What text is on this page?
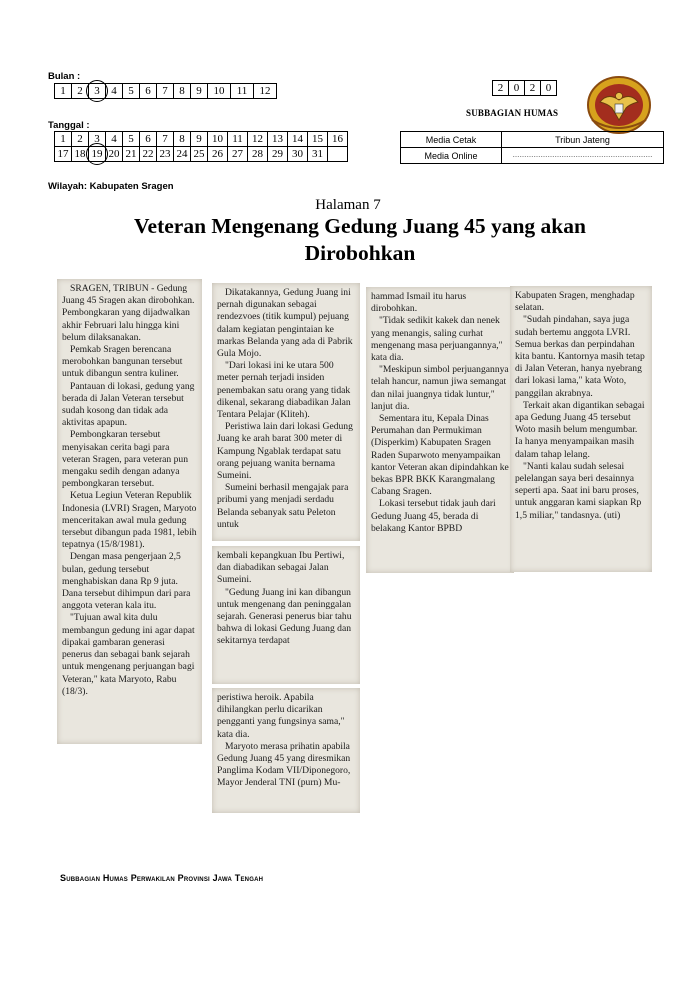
Bulan :
1	2	3	4	5	6	7	8	9	10	11	12	2	0	2	0
SUBBAGIAN HUMAS
Tanggal :
1	2	3	4	5	6	7	8	9	10	11	12	13	14	15	16
17	18	19	20	21	22	23	24	25	26	27	28	29	30	31	
Media Cetak	Tribun Jateng
Media Online	……………………………………………………
Wilayah: Kabupaten Sragen
Halaman 7
Veteran Mengenang Gedung Juang 45 yang akan Dirobohkan

SRAGEN, TRIBUN - Gedung Juang 45 Sragen akan dirobohkan. Pembongkaran yang dijadwalkan akhir Februari lalu hingga kini belum dilaksanakan.

Pemkab Sragen berencana merobohkan bangunan tersebut untuk dibangun sentra kuliner.

Pantauan di lokasi, gedung yang berada di Jalan Veteran tersebut sudah kosong dan tidak ada aktivitas apapun.

Pembongkaran tersebut menyisakan cerita bagi para veteran Sragen, para veteran pun mengaku sedih dengan adanya pembongkaran tersebut.

Ketua Legiun Veteran Republik Indonesia (LVRI) Sragen, Maryoto menceritakan awal mula gedung tersebut dibangun pada 1981, lebih tepatnya (15/8/1981).

Dengan masa pengerjaan 2,5 bulan, gedung tersebut menghabiskan dana Rp 9 juta. Dana tersebut dihimpun dari para anggota veteran kala itu.

"Tujuan awal kita dulu membangun gedung ini agar dapat dipakai gambaran generasi penerus dan sebagai bank sejarah untuk mengenang perjuangan bagi Veteran," kata Maryoto, Rabu (18/3).

Dikatakannya, Gedung Juang ini pernah digunakan sebagai rendezvoes (titik kumpul) pejuang dalam kegiatan pengintaian ke markas Belanda yang ada di Pabrik Gula Mojo.

"Dari lokasi ini ke utara 500 meter pernah terjadi insiden penembakan satu orang yang tidak dikenal, sekarang diabadikan Jalan Tentara Pelajar (Kliteh).

Peristiwa lain dari lokasi Gedung Juang ke arah barat 300 meter di Kampung Ngablak terdapat satu orang pejuang wanita bernama Sumeini.

Sumeini berhasil mengajak para pribumi yang menjadi serdadu Belanda sebanyak satu Peleton untuk

kembali kepangkuan Ibu Pertiwi, dan diabadikan sebagai Jalan Sumeini.

"Gedung Juang ini kan dibangun untuk mengenang dan peninggalan sejarah. Generasi penerus biar tahu bahwa di lokasi Gedung Juang dan sekitarnya terdapat

peristiwa heroik. Apabila dihilangkan perlu dicarikan pengganti yang fungsinya sama," kata dia.

Maryoto merasa prihatin apabila Gedung Juang 45 yang diresmikan Panglima Kodam VII/Diponegoro, Mayor Jenderal TNI (purn) Mu-

hammad Ismail itu harus dirobohkan.

"Tidak sedikit kakek dan nenek yang menangis, saling curhat mengenang masa perjuangannya," kata dia.

"Meskipun simbol perjuangannya telah hancur, namun jiwa semangat dan nilai juangnya tidak luntur," lanjut dia.

Sementara itu, Kepala Dinas Perumahan dan Permukiman (Disperkim) Kabupaten Sragen Raden Suparwoto menyampaikan kantor Veteran akan dipindahkan ke bekas BPR BKK Karangmalang Cabang Sragen.

Lokasi tersebut tidak jauh dari Gedung Juang 45, berada di belakang Kantor BPBD

Kabupaten Sragen, menghadap selatan.

"Sudah pindahan, saya juga sudah bertemu anggota LVRI. Semua berkas dan perpindahan kita bantu. Kantornya masih tetap di Jalan Veteran, hanya nyebrang dari lokasi lama," kata Woto, panggilan akrabnya.

Terkait akan digantikan sebagai apa Gedung Juang 45 tersebut Woto masih belum mengumbar. Ia hanya menyampaikan masih dalam tahap lelang.

"Nanti kalau sudah selesai pelelangan saya beri desainnya seperti apa. Saat ini baru proses, untuk anggaran kami siapkan Rp 1,5 miliar," tandasnya. (uti)

Subbagian Humas Perwakilan Provinsi Jawa Tengah
